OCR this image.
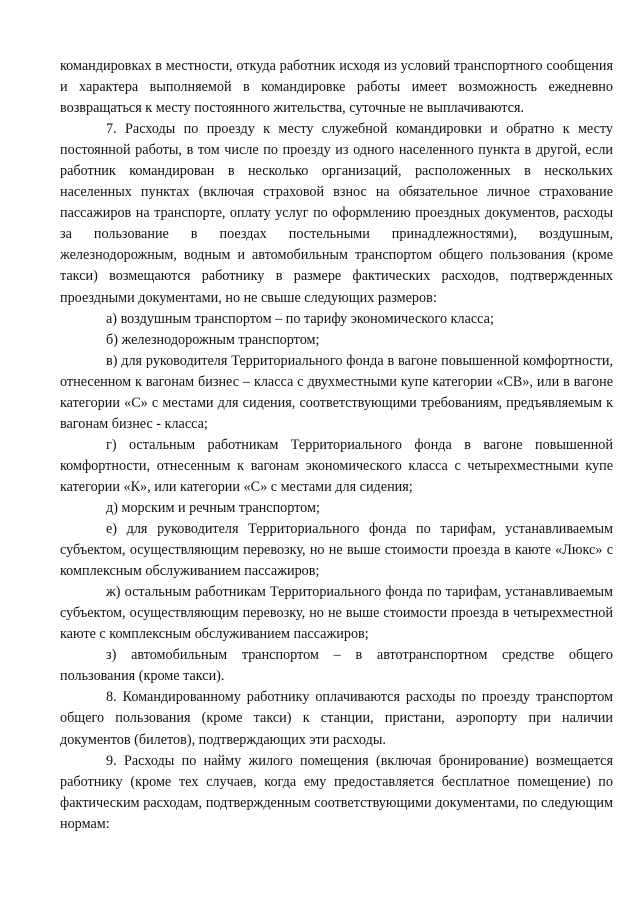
командировках в местности, откуда работник исходя из условий транспортного сообщения и характера выполняемой в командировке работы имеет возможность ежедневно возвращаться к месту постоянного жительства, суточные не выплачиваются.

7. Расходы по проезду к месту служебной командировки и обратно к месту постоянной работы, в том числе по проезду из одного населенного пункта в другой, если работник командирован в несколько организаций, расположенных в нескольких населенных пунктах (включая страховой взнос на обязательное личное страхование пассажиров на транспорте, оплату услуг по оформлению проездных документов, расходы за пользование в поездах постельными принадлежностями), воздушным, железнодорожным, водным и автомобильным транспортом общего пользования (кроме такси) возмещаются работнику в размере фактических расходов, подтвержденных проездными документами, но не свыше следующих размеров:

а) воздушным транспортом – по тарифу экономического класса;

б) железнодорожным транспортом;

в) для руководителя Территориального фонда в вагоне повышенной комфортности, отнесенном к вагонам бизнес – класса с двухместными купе категории «СВ», или в вагоне категории «С» с местами для сидения, соответствующими требованиям, предъявляемым к вагонам бизнес - класса;

г) остальным работникам Территориального фонда в вагоне повышенной комфортности, отнесенным к вагонам экономического класса с четырехместными купе категории «К», или категории «С» с местами для сидения;

д) морским и речным транспортом;

е) для руководителя Территориального фонда по тарифам, устанавливаемым субъектом, осуществляющим перевозку, но не выше стоимости проезда в каюте «Люкс» с комплексным обслуживанием пассажиров;

ж) остальным работникам Территориального фонда по тарифам, устанавливаемым субъектом, осуществляющим перевозку, но не выше стоимости проезда в четырехместной каюте с комплексным обслуживанием пассажиров;

з) автомобильным транспортом – в автотранспортном средстве общего пользования (кроме такси).

8. Командированному работнику оплачиваются расходы по проезду транспортом общего пользования (кроме такси) к станции, пристани, аэропорту при наличии документов (билетов), подтверждающих эти расходы.

9. Расходы по найму жилого помещения (включая бронирование) возмещается работнику (кроме тех случаев, когда ему предоставляется бесплатное помещение) по фактическим расходам, подтвержденным соответствующими документами, по следующим нормам:
